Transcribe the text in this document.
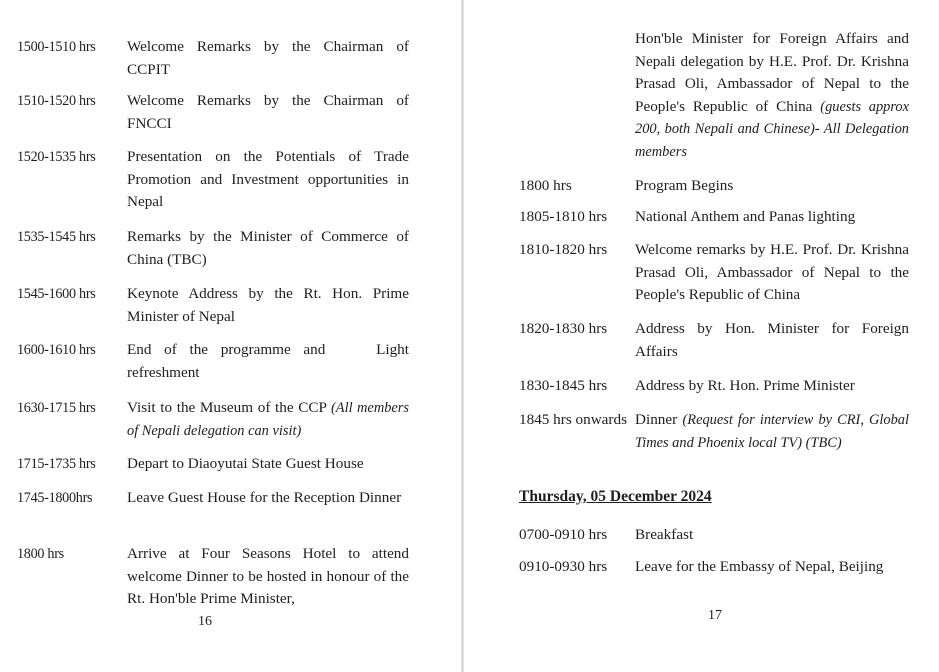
1500-1510 hrs Welcome Remarks by the Chairman of CCPIT
1510-1520 hrs Welcome Remarks by the Chairman of FNCCI
1520-1535 hrs Presentation on the Potentials of Trade Promotion and Investment opportunities in Nepal
1535-1545 hrs Remarks by the Minister of Commerce of China (TBC)
1545-1600 hrs Keynote Address by the Rt. Hon. Prime Minister of Nepal
1600-1610 hrs End of the programme and    Light refreshment
1630-1715 hrs Visit to the Museum of the CCP (All members of Nepali delegation can visit)
1715-1735 hrs Depart to Diaoyutai State Guest House
1745-1800hrs Leave Guest House for the Reception Dinner
1800 hrs	Arrive at Four Seasons Hotel to attend welcome Dinner to be hosted in honour of the Rt. Hon'ble Prime Minister,
16
Hon'ble Minister for Foreign Affairs and Nepali delegation by H.E. Prof. Dr. Krishna Prasad Oli, Ambassador of Nepal to the People's Republic of China (guests approx 200, both Nepali and Chinese)- All Delegation members
1800 hrs	Program Begins
1805-1810 hrs National Anthem and Panas lighting
1810-1820 hrs Welcome remarks by H.E. Prof. Dr. Krishna Prasad Oli, Ambassador of Nepal to the People's Republic of China
1820-1830 hrs Address by Hon. Minister for Foreign Affairs
1830-1845 hrs Address by Rt. Hon. Prime Minister
1845 hrs onwards Dinner (Request for interview by CRI, Global Times and Phoenix local TV) (TBC)
Thursday, 05 December 2024
0700-0910 hrs Breakfast
0910-0930 hrs Leave for the Embassy of Nepal, Beijing
17
